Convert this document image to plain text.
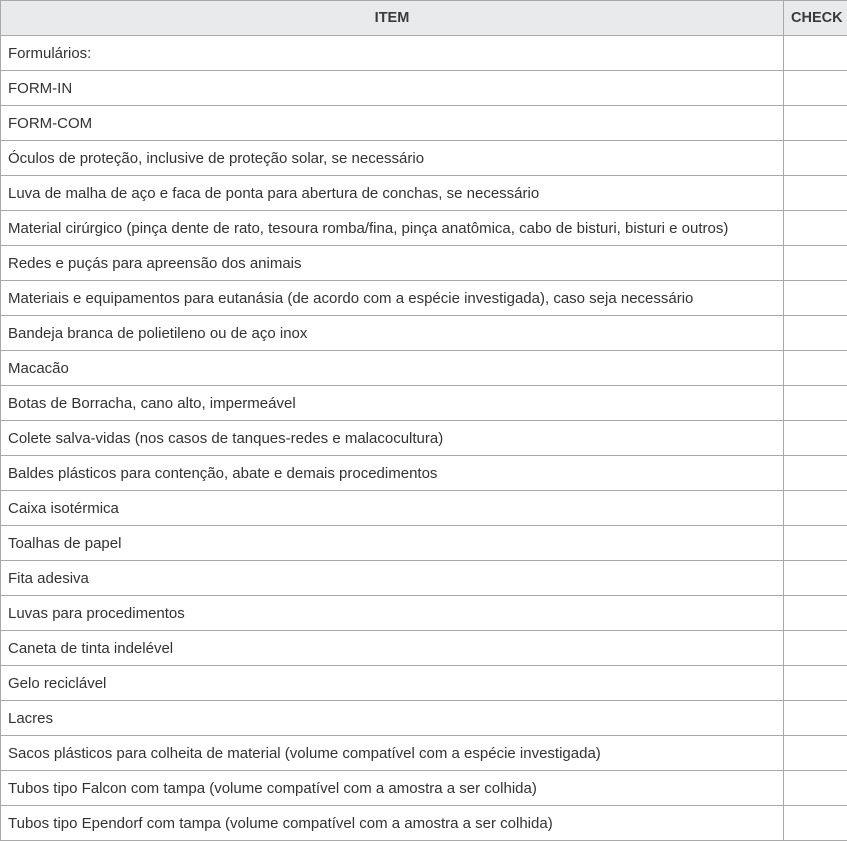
ITEM	CHECK
Formulários:	
FORM-IN	
FORM-COM	
Óculos de proteção, inclusive de proteção solar, se necessário	
Luva de malha de aço e faca de ponta para abertura de conchas, se necessário	
Material cirúrgico (pinça dente de rato, tesoura romba/fina, pinça anatômica, cabo de bisturi, bisturi e outros)	
Redes e puçás para apreensão dos animais	
Materiais e equipamentos para eutanásia (de acordo com a espécie investigada), caso seja necessário	
Bandeja branca de polietileno ou de aço inox	
Macacão	
Botas de Borracha, cano alto, impermeável	
Colete salva-vidas (nos casos de tanques-redes e malacocultura)	
Baldes plásticos para contenção, abate e demais procedimentos	
Caixa isotérmica	
Toalhas de papel	
Fita adesiva	
Luvas para procedimentos	
Caneta de tinta indelével	
Gelo reciclável	
Lacres	
Sacos plásticos para colheita de material (volume compatível com a espécie investigada)	
Tubos tipo Falcon com tampa (volume compatível com a amostra a ser colhida)	
Tubos tipo Ependorf com tampa (volume compatível com a amostra a ser colhida)	
